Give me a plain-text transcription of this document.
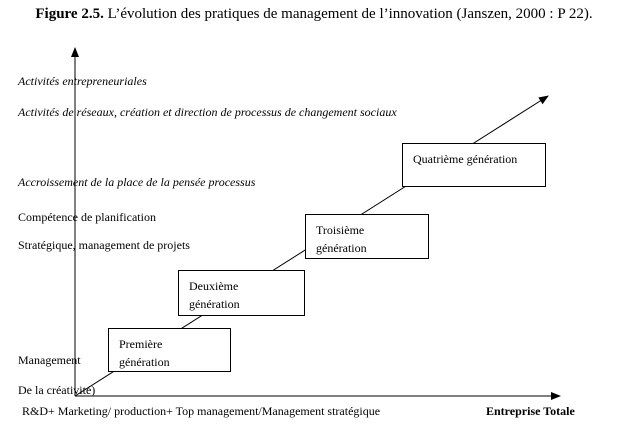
Figure 2.5. L’évolution des pratiques de management de l’innovation (Janszen, 2000 : P 22).
Activités entrepreneuriales
Activités de réseaux, création et direction de processus de changement sociaux
Accroissement de la place de la pensée processus
Compétence de planification
Stratégique, management de projets
Management
De la créativité)
Première
génération
Deuxième
génération
Troisième
génération
Quatrième génération
R&D+ Marketing/ production+ Top management/Management stratégique	Entreprise Totale
